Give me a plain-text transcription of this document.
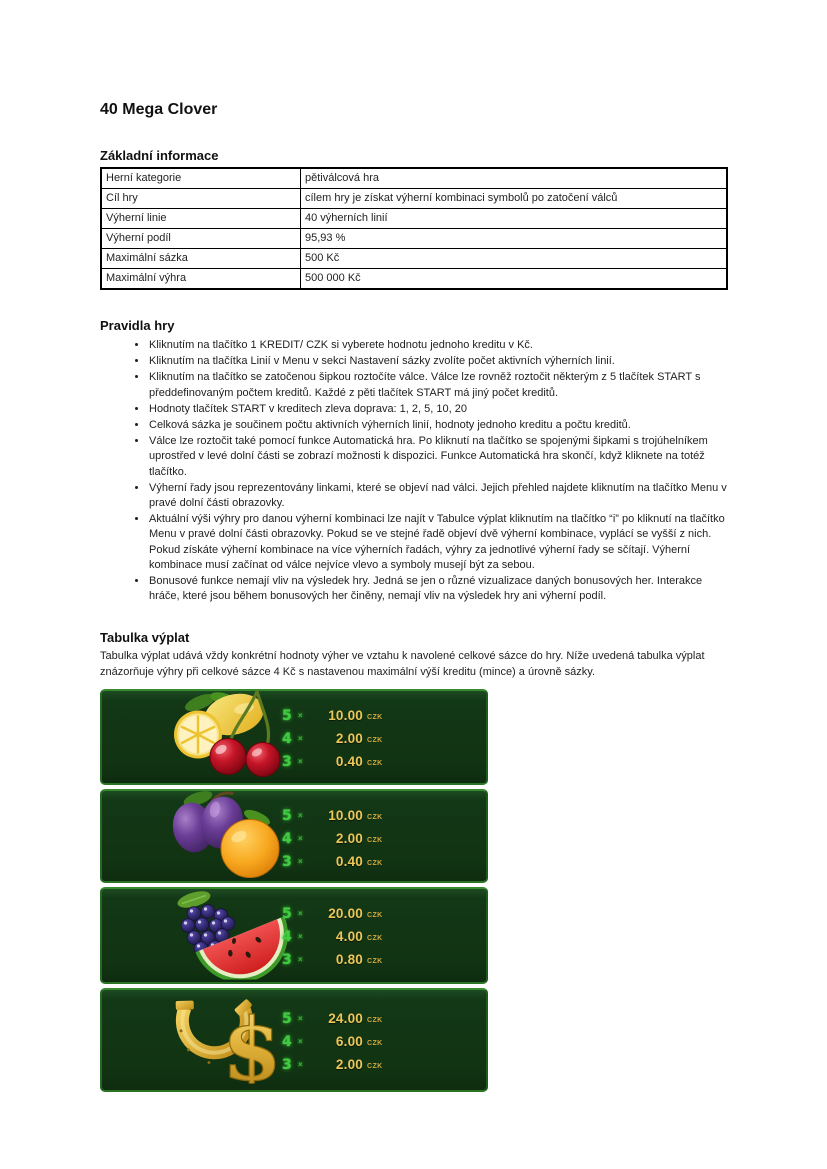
40 Mega Clover
Základní informace
Herní kategorie	pětiválcová hra
Cíl hry	cílem hry je získat výherní kombinaci symbolů po zatočení válců
Výherní linie	40 výherních linií
Výherní podíl	95,93 %
Maximální sázka	500 Kč
Maximální výhra	500 000 Kč
Pravidla hry
• Kliknutím na tlačítko 1 KREDIT/ CZK si vyberete hodnotu jednoho kreditu v Kč.
• Kliknutím na tlačítka Linií v Menu v sekci Nastavení sázky zvolíte počet aktivních výherních linií.
• Kliknutím na tlačítko se zatočenou šipkou roztočíte válce. Válce lze rovněž roztočit některým z 5 tlačítek START s předdefinovaným počtem kreditů. Každé z pěti tlačítek START má jiný počet kreditů.
• Hodnoty tlačítek START v kreditech zleva doprava: 1, 2, 5, 10, 20
• Celková sázka je součinem počtu aktivních výherních linií, hodnoty jednoho kreditu a počtu kreditů.
• Válce lze roztočit také pomocí funkce Automatická hra. Po kliknutí na tlačítko se spojenými šipkami s trojúhelníkem uprostřed v levé dolní části se zobrazí možnosti k dispozici. Funkce Automatická hra skončí, když kliknete na totéž tlačítko.
• Výherní řady jsou reprezentovány linkami, které se objeví nad válci. Jejich přehled najdete kliknutím na tlačítko Menu v pravé dolní části obrazovky.
• Aktuální výši výhry pro danou výherní kombinaci lze najít v Tabulce výplat kliknutím na tlačítko “i” po kliknutí na tlačítko Menu v pravé dolní části obrazovky. Pokud se ve stejné řadě objeví dvě výherní kombinace, vyplácí se vyšší z nich. Pokud získáte výherní kombinace na více výherních řadách, výhry za jednotlivé výherní řady se sčítají. Výherní kombinace musí začínat od válce nejvíce vlevo a symboly musejí být za sebou.
• Bonusové funkce nemají vliv na výsledek hry. Jedná se jen o různé vizualizace daných bonusových her. Interakce hráče, které jsou během bonusových her činěny, nemají vliv na výsledek hry ani výherní podíl.
Tabulka výplat

Tabulka výplat udává vždy konkrétní hodnoty výher ve vztahu k navolené celkové sázce do hry. Níže uvedená tabulka výplat znázorňuje výhry při celkové sázce 4 Kč s nastavenou maximální výší kreditu (mince) a úrovně sázky.

5 ×	10.00 CZK
4 ×	2.00 CZK
3 ×	0.40 CZK
5 ×	10.00 CZK
4 ×	2.00 CZK
3 ×	0.40 CZK
5 ×	20.00 CZK
4 ×	4.00 CZK
3 ×	0.80 CZK
$ 5 ×	24.00 CZK
4 ×	6.00 CZK
3 ×	2.00 CZK
